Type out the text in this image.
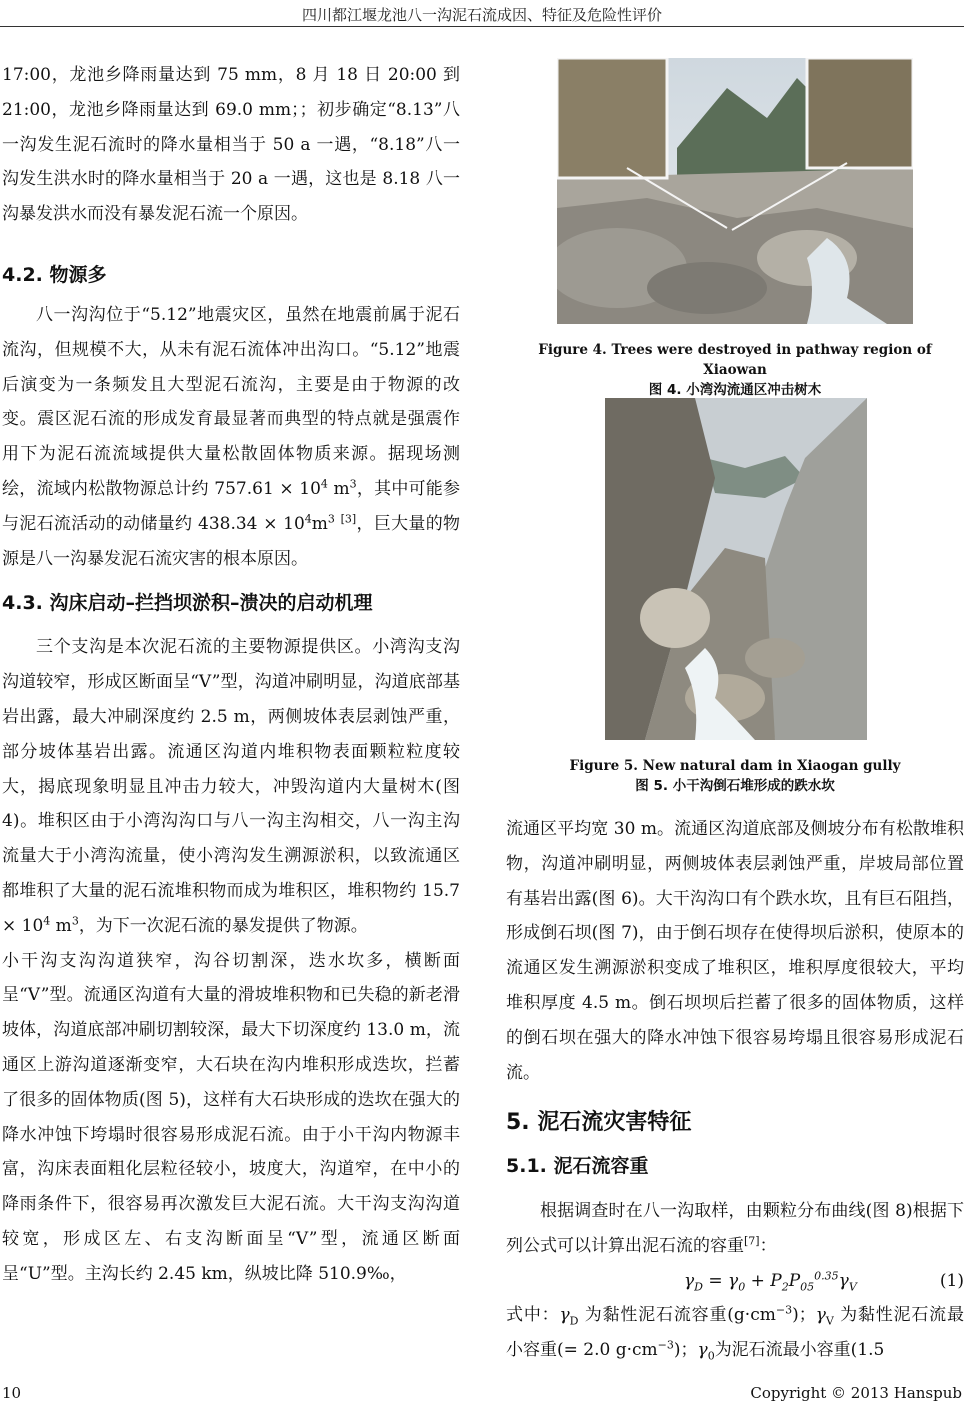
四川都江堰龙池八一沟泥石流成因、特征及危险性评价

17:00，龙池乡降雨量达到 75 mm，8 月 18 日 20:00 到 21:00，龙池乡降雨量达到 69.0 mm；；初步确定“8.13”八一沟发生泥石流时的降水量相当于 50 a 一遇，“8.18”八一沟发生洪水时的降水量相当于 20 a 一遇，这也是 8.18 八一沟暴发洪水而没有暴发泥石流一个原因。

4.2. 物源多

八一沟沟位于“5.12”地震灾区，虽然在地震前属于泥石流沟，但规模不大，从未有泥石流体冲出沟口。“5.12”地震后演变为一条频发且大型泥石流沟，主要是由于物源的改变。震区泥石流的形成发育最显著而典型的特点就是强震作用下为泥石流流域提供大量松散固体物质来源。据现场测绘，流域内松散物源总计约 $757.61 \times 10^4$ $m^3$，其中可能参与泥石流活动的动储量约 $438.34 \times 10^4m^3$ [3]，巨大量的物源是八一沟暴发泥石流灾害的根本原因。

4.3. 沟床启动–拦挡坝淤积–溃决的启动机理

三个支沟是本次泥石流的主要物源提供区。小湾沟支沟沟道较窄，形成区断面呈“V”型，沟道冲刷明显，沟道底部基岩出露，最大冲刷深度约 2.5 m，两侧坡体表层剥蚀严重，部分坡体基岩出露。流通区沟道内堆积物表面颗粒粒度较大，揭底现象明显且冲击力较大，冲毁沟道内大量树木(图 4)。堆积区由于小湾沟沟口与八一沟主沟相交，八一沟主沟流量大于小湾沟流量，使小湾沟发生溯源淤积，以致流通区都堆积了大量的泥石流堆积物而成为堆积区，堆积物约 $15.7 \times 10^4$ $m^3$，为下一次泥石流的暴发提供了物源。

小干沟支沟沟道狭窄，沟谷切割深，迭水坎多，横断面呈“V”型。流通区沟道有大量的滑坡堆积物和已失稳的新老滑坡体，沟道底部冲刷切割较深，最大下切深度约 13.0 m，流通区上游沟道逐渐变窄，大石块在沟内堆积形成迭坎，拦蓄了很多的固体物质(图 5)，这样有大石块形成的迭坎在强大的降水冲蚀下垮塌时很容易形成泥石流。由于小干沟内物源丰富，沟床表面粗化层粒径较小，坡度大，沟道窄，在中小的降雨条件下，很容易再次激发巨大泥石流。大干沟支沟沟道较宽，形成区左、右支沟断面呈“V”型，流通区断面呈“U”型。主沟长约 2.45 km，纵坡比降 510.9‰，

Figure 4. Trees were destroyed in pathway region of Xiaowan
图 4. 小湾沟流通区冲击树木
Figure 5. New natural dam in Xiaogan gully
图 5. 小干沟倒石堆形成的跌水坎

流通区平均宽 30 m。流通区沟道底部及侧坡分布有松散堆积物，沟道冲刷明显，两侧坡体表层剥蚀严重，岸坡局部位置有基岩出露(图 6)。大干沟沟口有个跌水坎，且有巨石阻挡，形成倒石坝(图 7)，由于倒石坝存在使得坝后淤积，使原本的流通区发生溯源淤积变成了堆积区，堆积厚度很较大，平均堆积厚度 4.5 m。倒石坝坝后拦蓄了很多的固体物质，这样的倒石坝在强大的降水冲蚀下很容易垮塌且很容易形成泥石流。

5. 泥石流灾害特征

5.1. 泥石流容重

根据调查时在八一沟取样，由颗粒分布曲线(图 8)根据下列公式可以计算出泥石流的容重[7]：

$\gamma_D = \gamma_0 + P_2P_{05}^{0.35}\gamma_V$	(1)

式中：$\gamma_D$ 为黏性泥石流容重$(g\cdot cm^{-3})$；$\gamma_V$ 为黏性泥石流最小容重(= 2.0 $g\cdot cm^{-3}$)；$\gamma_0$为泥石流最小容重(1.5

10	Copyright © 2013 Hanspub
